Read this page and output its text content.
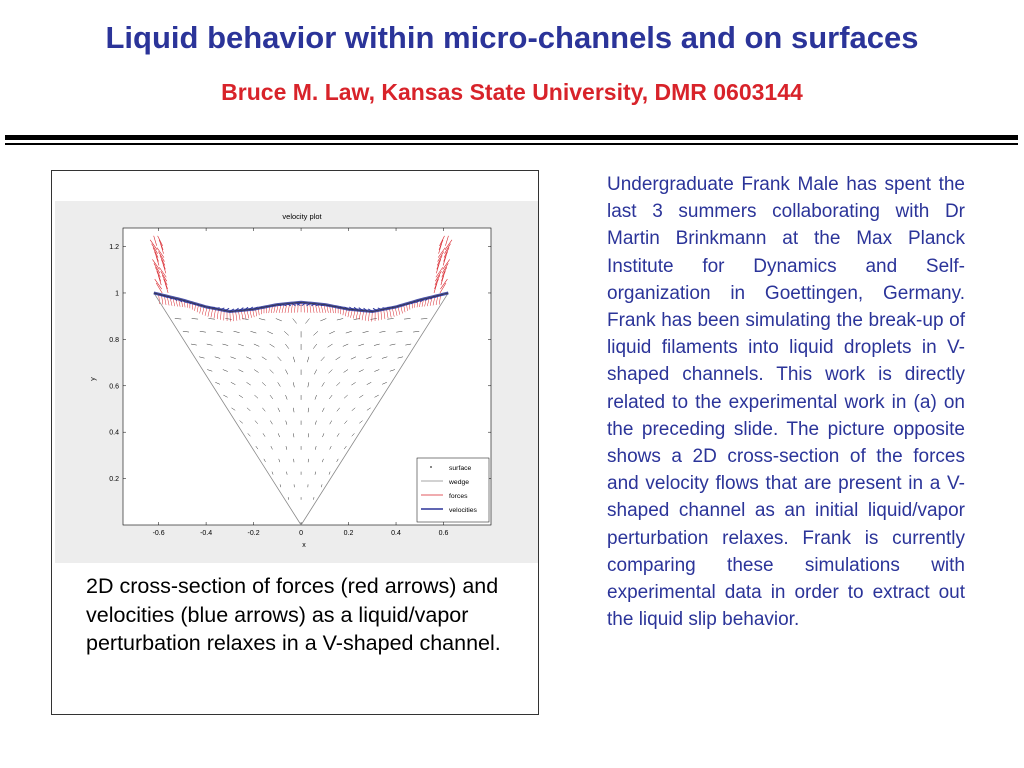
Liquid behavior within micro-channels and on surfaces
Bruce M. Law, Kansas State University, DMR 0603144
-0.6	-0.4	-0.2	0	0.2	0.4	0.6
0.2
0.4
0.6
0.8
1
1.2
surface
wedge
forces
velocities
velocity plot
x
y
2D cross-section of forces (red arrows) and velocities (blue arrows) as a liquid/vapor perturbation relaxes in a V-shaped channel.
Undergraduate Frank Male has spent the last 3 summers collaborating with Dr Martin Brinkmann at the Max Planck Institute for Dynamics and Self-organization in Goettingen, Germany. Frank has been simulating the break-up of liquid filaments into liquid droplets in V-shaped channels. This work is directly related to the experimental work in (a) on the preceding slide. The picture opposite shows a 2D cross-section of the forces and velocity flows that are present in a V-shaped channel as an initial liquid/vapor perturbation relaxes. Frank is currently comparing these simulations with experimental data in order to extract out the liquid slip behavior.
